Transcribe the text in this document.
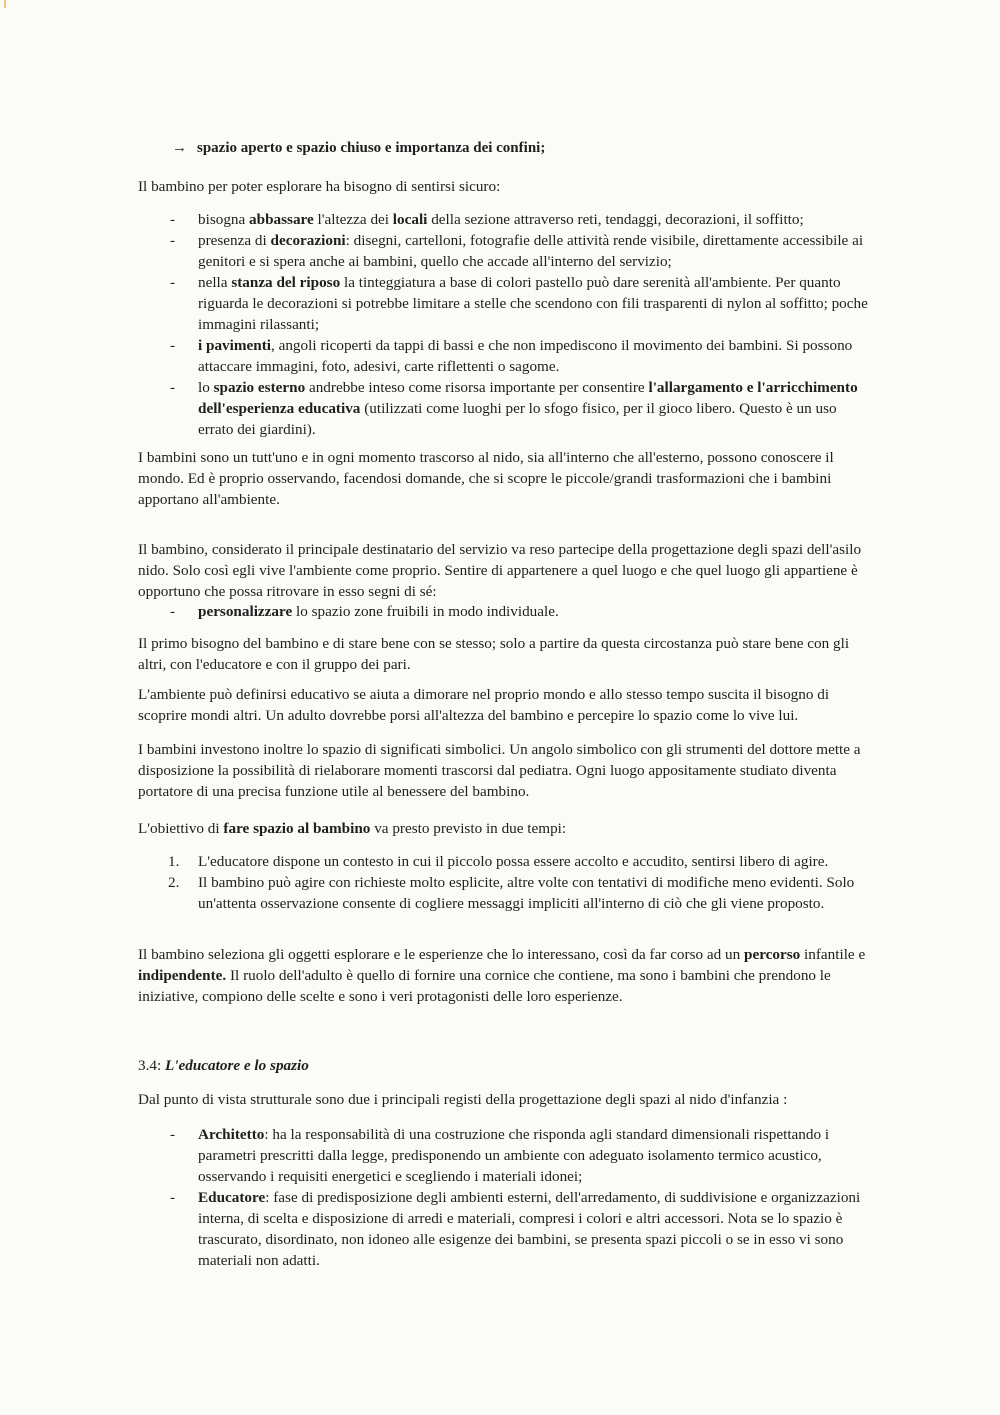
→ spazio aperto e spazio chiuso e importanza dei confini;

Il bambino per poter esplorare ha bisogno di sentirsi sicuro:

- bisogna abbassare l'altezza dei locali della sezione attraverso reti, tendaggi, decorazioni, il soffitto;
- presenza di decorazioni: disegni, cartelloni, fotografie delle attività rende visibile, direttamente accessibile ai genitori e si spera anche ai bambini, quello che accade all'interno del servizio;
- nella stanza del riposo la tinteggiatura a base di colori pastello può dare serenità all'ambiente. Per quanto riguarda le decorazioni si potrebbe limitare a stelle che scendono con fili trasparenti di nylon al soffitto; poche immagini rilassanti;
- i pavimenti, angoli ricoperti da tappi di bassi e che non impediscono il movimento dei bambini. Si possono attaccare immagini, foto, adesivi, carte riflettenti o sagome.
- lo spazio esterno andrebbe inteso come risorsa importante per consentire l'allargamento e l'arricchimento dell'esperienza educativa (utilizzati come luoghi per lo sfogo fisico, per il gioco libero. Questo è un uso errato dei giardini).

I bambini sono un tutt'uno e in ogni momento trascorso al nido, sia all'interno che all'esterno, possono conoscere il mondo. Ed è proprio osservando, facendosi domande, che si scopre le piccole/grandi trasformazioni che i bambini apportano all'ambiente.

Il bambino, considerato il principale destinatario del servizio va reso partecipe della progettazione degli spazi dell'asilo nido. Solo così egli vive l'ambiente come proprio. Sentire di appartenere a quel luogo e che quel luogo gli appartiene è opportuno che possa ritrovare in esso segni di sé:

- personalizzare lo spazio zone fruibili in modo individuale.

Il primo bisogno del bambino e di stare bene con se stesso; solo a partire da questa circostanza può stare bene con gli altri, con l'educatore e con il gruppo dei pari.

L'ambiente può definirsi educativo se aiuta a dimorare nel proprio mondo e allo stesso tempo suscita il bisogno di scoprire mondi altri. Un adulto dovrebbe porsi all'altezza del bambino e percepire lo spazio come lo vive lui.

I bambini investono inoltre lo spazio di significati simbolici. Un angolo simbolico con gli strumenti del dottore mette a disposizione la possibilità di rielaborare momenti trascorsi dal pediatra. Ogni luogo appositamente studiato diventa portatore di una precisa funzione utile al benessere del bambino.

L'obiettivo di fare spazio al bambino va presto previsto in due tempi:

1. L'educatore dispone un contesto in cui il piccolo possa essere accolto e accudito, sentirsi libero di agire.
2. Il bambino può agire con richieste molto esplicite, altre volte con tentativi di modifiche meno evidenti. Solo un'attenta osservazione consente di cogliere messaggi impliciti all'interno di ciò che gli viene proposto.

Il bambino seleziona gli oggetti esplorare e le esperienze che lo interessano, così da far corso ad un percorso infantile e indipendente. Il ruolo dell'adulto è quello di fornire una cornice che contiene, ma sono i bambini che prendono le iniziative, compiono delle scelte e sono i veri protagonisti delle loro esperienze.

3.4: L'educatore e lo spazio

Dal punto di vista strutturale sono due i principali registi della progettazione degli spazi al nido d'infanzia :

- Architetto: ha la responsabilità di una costruzione che risponda agli standard dimensionali rispettando i parametri prescritti dalla legge, predisponendo un ambiente con adeguato isolamento termico acustico, osservando i requisiti energetici e scegliendo i materiali idonei;
- Educatore: fase di predisposizione degli ambienti esterni, dell'arredamento, di suddivisione e organizzazioni interna, di scelta e disposizione di arredi e materiali, compresi i colori e altri accessori. Nota se lo spazio è trascurato, disordinato, non idoneo alle esigenze dei bambini, se presenta spazi piccoli o se in esso vi sono materiali non adatti.
